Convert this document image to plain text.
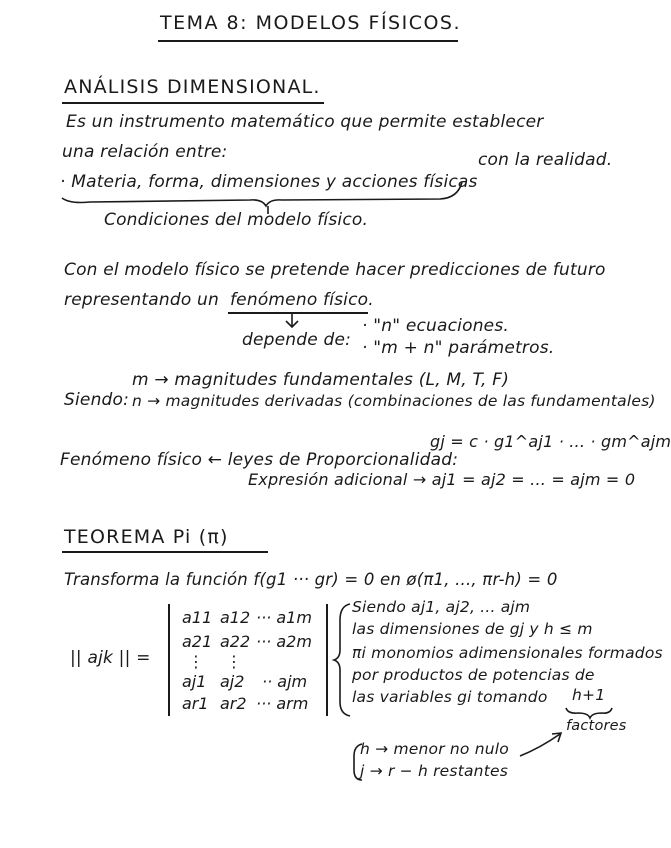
TEMA 8: MODELOS FÍSICOS.
ANÁLISIS DIMENSIONAL.
Es un instrumento matemático que permite establecer
una relación entre:
· Materia, forma, dimensiones y acciones físicas
con la realidad.
Condiciones del modelo físico.
Con el modelo físico se pretende hacer predicciones de futuro
representando un fenómeno físico.
depende de:
· "n" ecuaciones.
· "m + n" parámetros.
Siendo:
m → magnitudes fundamentales (L, M, T, F)
n → magnitudes derivadas (combinaciones de las fundamentales)
Fenómeno físico ← leyes de Proporcionalidad:
gj = c · g1^aj1 · ... · gm^ajm
Expresión adicional → aj1 = aj2 = ... = ajm = 0
TEOREMA Pi (π)
Transforma la función f(g1 ··· gr) = 0 en ø(π1, ..., πr-h) = 0
|| ajk || =
a11 a12 ··· a1m
a21 a22 ··· a2m
⋮ ⋮
aj1 aj2 ·· ajm
ar1 ar2 ··· arm
Siendo aj1, aj2, ... ajm
las dimensiones de gj y h ≤ m
πi monomios adimensionales formados
por productos de potencias de
las variables gi tomando h+1
factores
h → menor no nulo
j → r − h restantes
